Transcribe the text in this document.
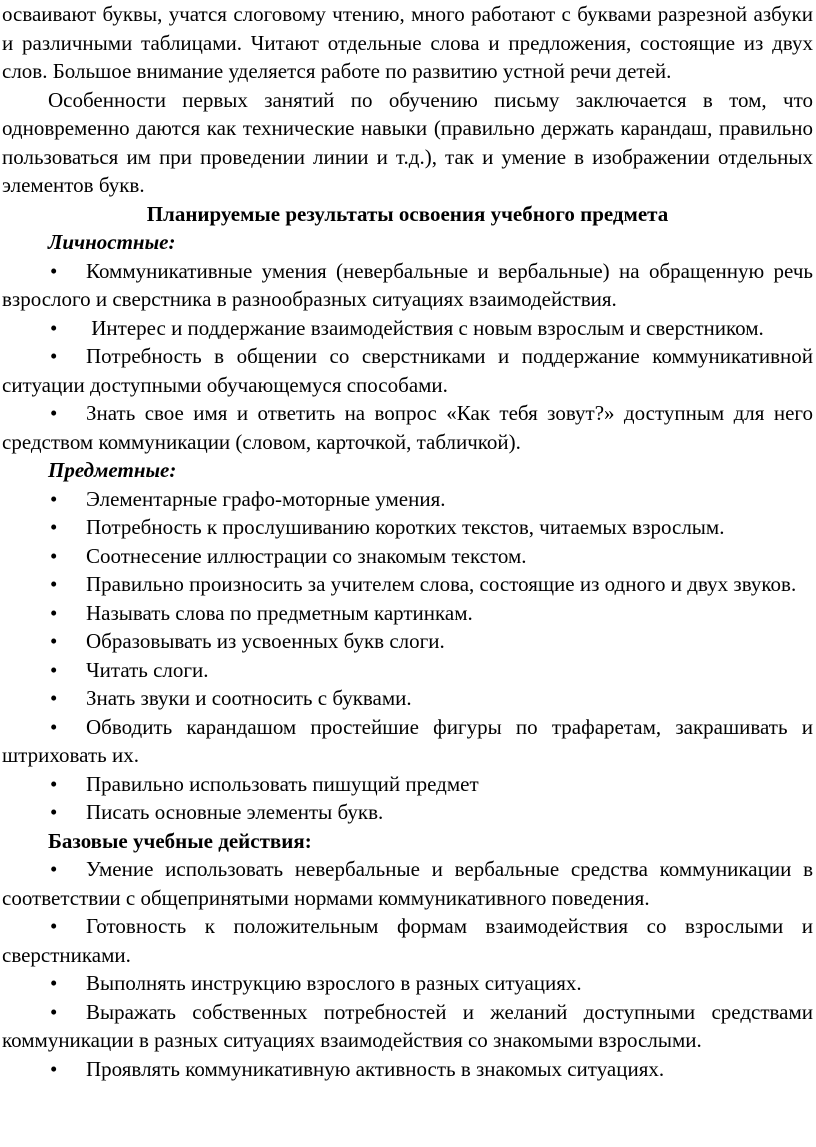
осваивают буквы, учатся слоговому чтению, много работают с буквами разрезной азбуки и различными таблицами. Читают отдельные слова и предложения, состоящие из двух слов. Большое внимание уделяется работе по развитию устной речи детей.

Особенности первых занятий по обучению письму заключается в том, что одновременно даются как технические навыки (правильно держать карандаш, правильно пользоваться им при проведении линии и т.д.), так и умение в изображении отдельных элементов букв.

Планируемые результаты освоения учебного предмета

Личностные:

• Коммуникативные умения (невербальные и вербальные) на обращенную речь взрослого и сверстника в разнообразных ситуациях взаимодействия.
• Интерес и поддержание взаимодействия с новым взрослым и сверстником.
• Потребность в общении со сверстниками и поддержание коммуникативной ситуации доступными обучающемуся способами.
• Знать свое имя и ответить на вопрос «Как тебя зовут?» доступным для него средством коммуникации (словом, карточкой, табличкой).

Предметные:

• Элементарные графо-моторные умения.
• Потребность к прослушиванию коротких текстов, читаемых взрослым.
• Соотнесение иллюстрации со знакомым текстом.
• Правильно произносить за учителем слова, состоящие из одного и двух звуков.
• Называть слова по предметным картинкам.
• Образовывать из усвоенных букв слоги.
• Читать слоги.
• Знать звуки и соотносить с буквами.
• Обводить карандашом простейшие фигуры по трафаретам, закрашивать и штриховать их.
• Правильно использовать пишущий предмет
• Писать основные элементы букв.

Базовые учебные действия:

• Умение использовать невербальные и вербальные средства коммуникации в соответствии с общепринятыми нормами коммуникативного поведения.
• Готовность к положительным формам взаимодействия со взрослыми и сверстниками.
• Выполнять инструкцию взрослого в разных ситуациях.
• Выражать собственных потребностей и желаний доступными средствами коммуникации в разных ситуациях взаимодействия со знакомыми взрослыми.
• Проявлять коммуникативную активность в знакомых ситуациях.
